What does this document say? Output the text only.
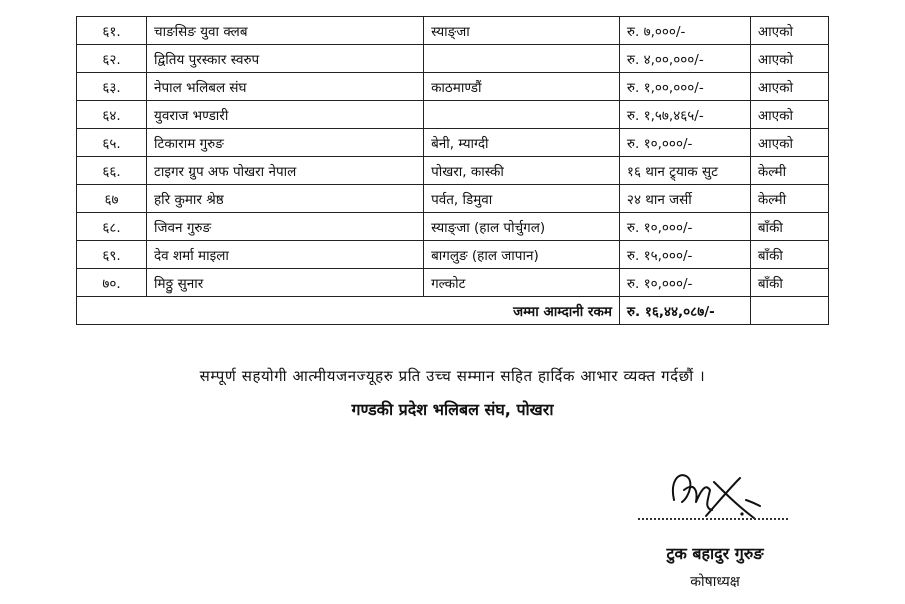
६१.	चाङसिङ युवा क्लब	स्याङ्जा	रु. ७,०००/-	आएको
६२.	द्वितिय पुरस्कार स्वरुप		रु. ४,००,०००/-	आएको
६३.	नेपाल भलिबल संघ	काठमाण्डौं	रु. १,००,०००/-	आएको
६४.	युवराज भण्डारी		रु. १,५७,४६५/-	आएको
६५.	टिकाराम गुरुङ	बेनी, म्याग्दी	रु. १०,०००/-	आएको
६६.	टाइगर ग्रुप अफ पोखरा नेपाल	पोखरा, कास्की	१६ थान ट्र्याक सुट	केल्मी
६७	हरि कुमार श्रेष्ठ	पर्वत, डिमुवा	२४ थान जर्सी	केल्मी
६८.	जिवन गुरुङ	स्याङ्जा (हाल पोर्चुगल)	रु. १०,०००/-	बाँकी
६९.	देव शर्मा माइला	बागलुङ (हाल जापान)	रु. १५,०००/-	बाँकी
७०.	मिठ्ठु सुनार	गल्कोट	रु. १०,०००/-	बाँकी
जम्मा आम्दानी रकम			रु. १६,४४,०८७/-	
सम्पूर्ण सहयोगी आत्मीयजनज्यूहरु प्रति उच्च सम्मान सहित हार्दिक आभार व्यक्त गर्दछौं ।
गण्डकी प्रदेश भलिबल संघ, पोखरा
टुक बहादुर गुरुङ
कोषाध्यक्ष
